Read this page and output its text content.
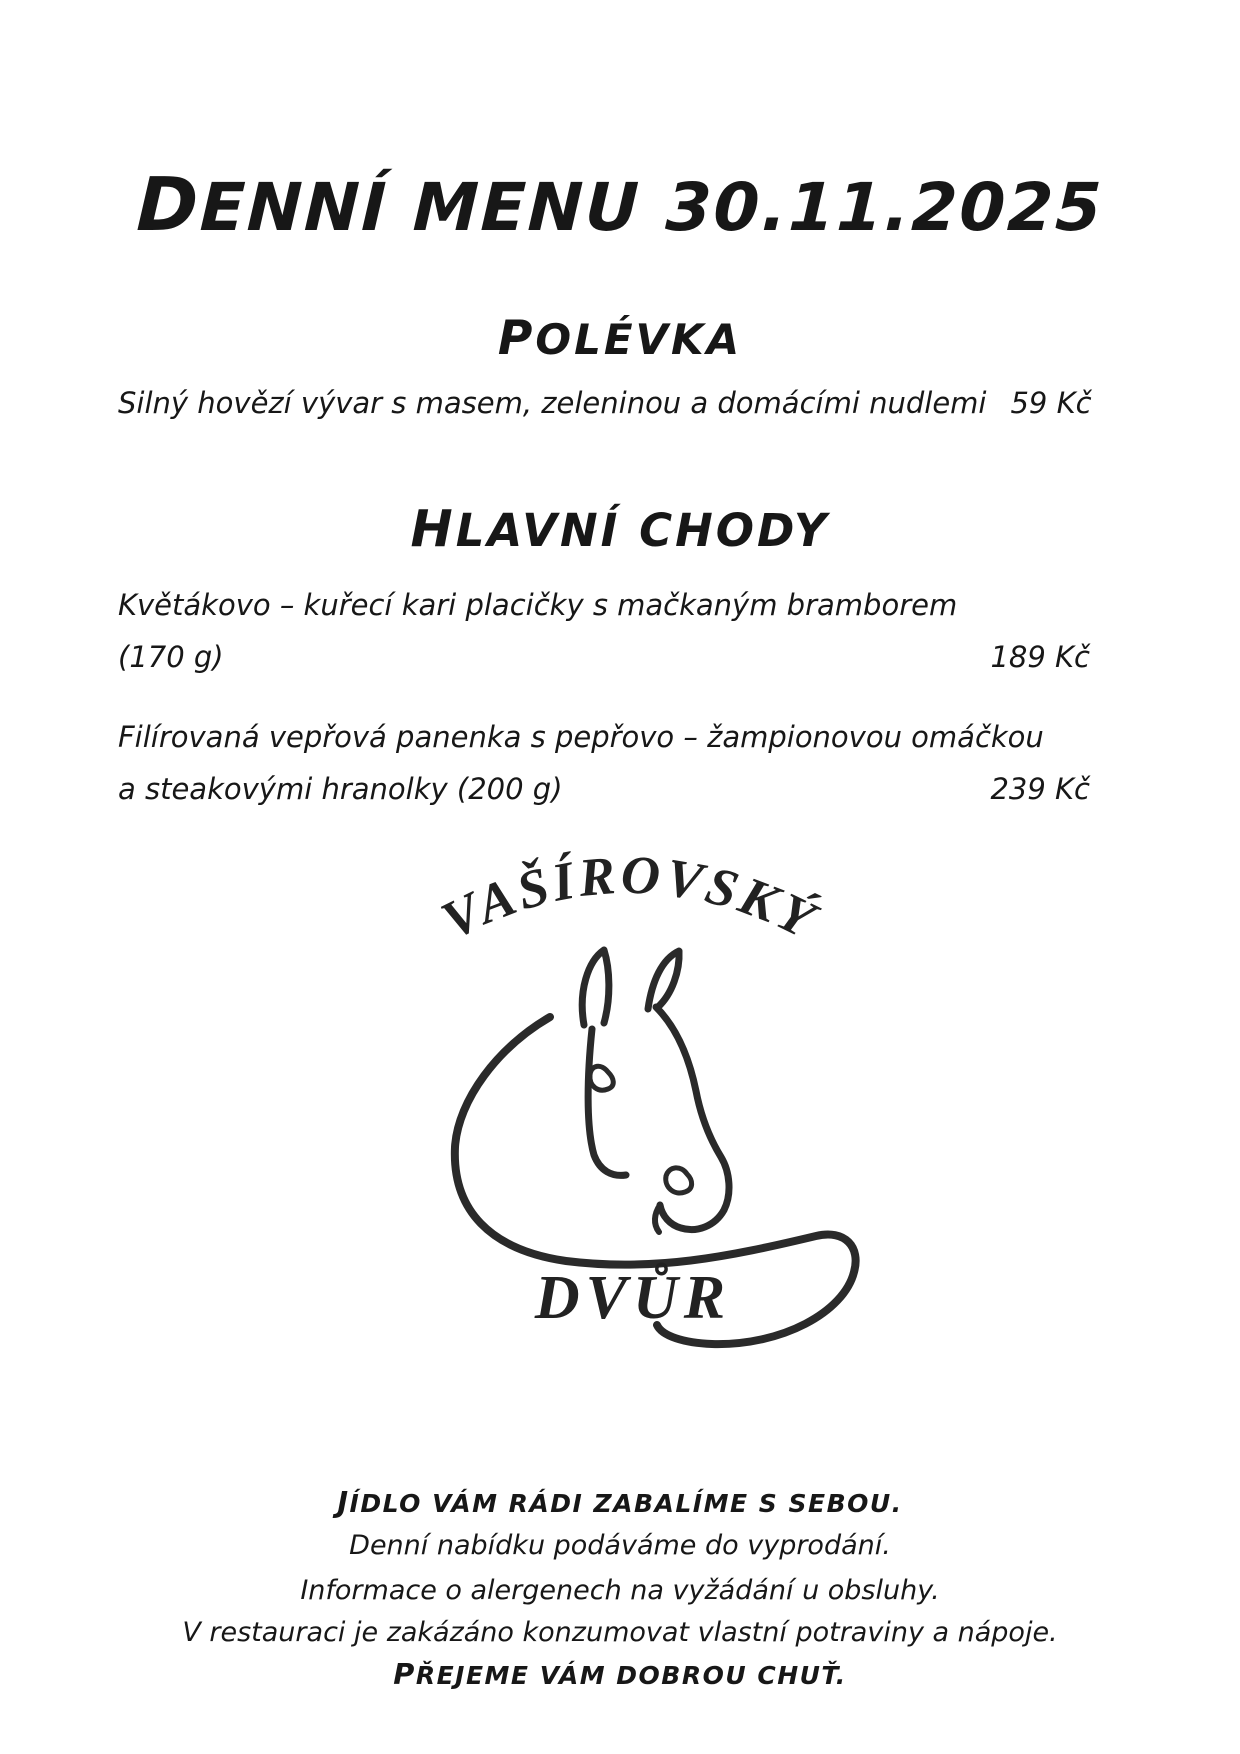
DENNÍ MENU 30.11.2025
POLÉVKA
Silný hovězí vývar s masem, zeleninou a domácími nudlemi 59 Kč
HLAVNÍ CHODY
Květákovo – kuřecí kari placičky s mačkaným bramborem
(170 g)	189 Kč
Filírovaná vepřová panenka s pepřovo – žampionovou omáčkou
a steakovými hranolky (200 g)	239 Kč
VAŠÍROVSKÝ
DVŮR

JÍDLO VÁM RÁDI ZABALÍME S SEBOU.

Denní nabídku podáváme do vyprodání.

Informace o alergenech na vyžádání u obsluhy.

V restauraci je zakázáno konzumovat vlastní potraviny a nápoje.

PŘEJEME VÁM DOBROU CHUŤ.
